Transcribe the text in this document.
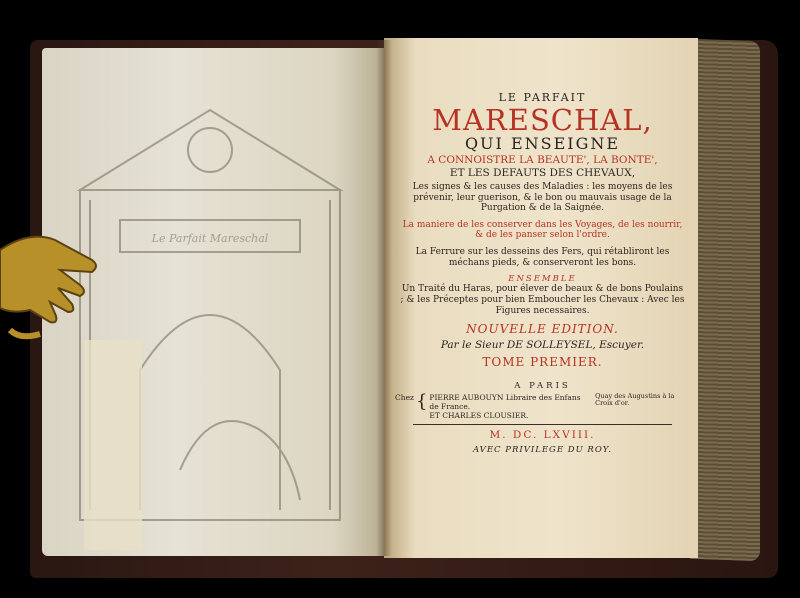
Le Parfait Mareschal

LE PARFAIT

MARESCHAL,

QUI ENSEIGNE

A CONNOISTRE LA BEAUTE', LA BONTE',

ET LES DEFAUTS DES CHEVAUX,

Les signes & les causes des Maladies : les moyens de les prévenir, leur guerison, & le bon ou mauvais usage de la Purgation & de la Saignée.

La maniere de les conserver dans les Voyages, de les nourrir, & de les panser selon l'ordre.

La Ferrure sur les desseins des Fers, qui rétabliront les méchans pieds, & conserveront les bons.

ENSEMBLE

Un Traité du Haras, pour élever de beaux & de bons Poulains ; & les Préceptes pour bien Emboucher les Chevaux : Avec les Figures necessaires.

NOUVELLE EDITION.

Par le Sieur DE SOLLEYSEL, Escuyer.

TOME PREMIER.

A PARIS

Chez { PIERRE AUBOUYN Libraire des Enfans de France.
ET CHARLES CLOUSIER.
Quay des Augustins à la Croix d'or.

M. DC. LXVIII.

AVEC PRIVILEGE DU ROY.
